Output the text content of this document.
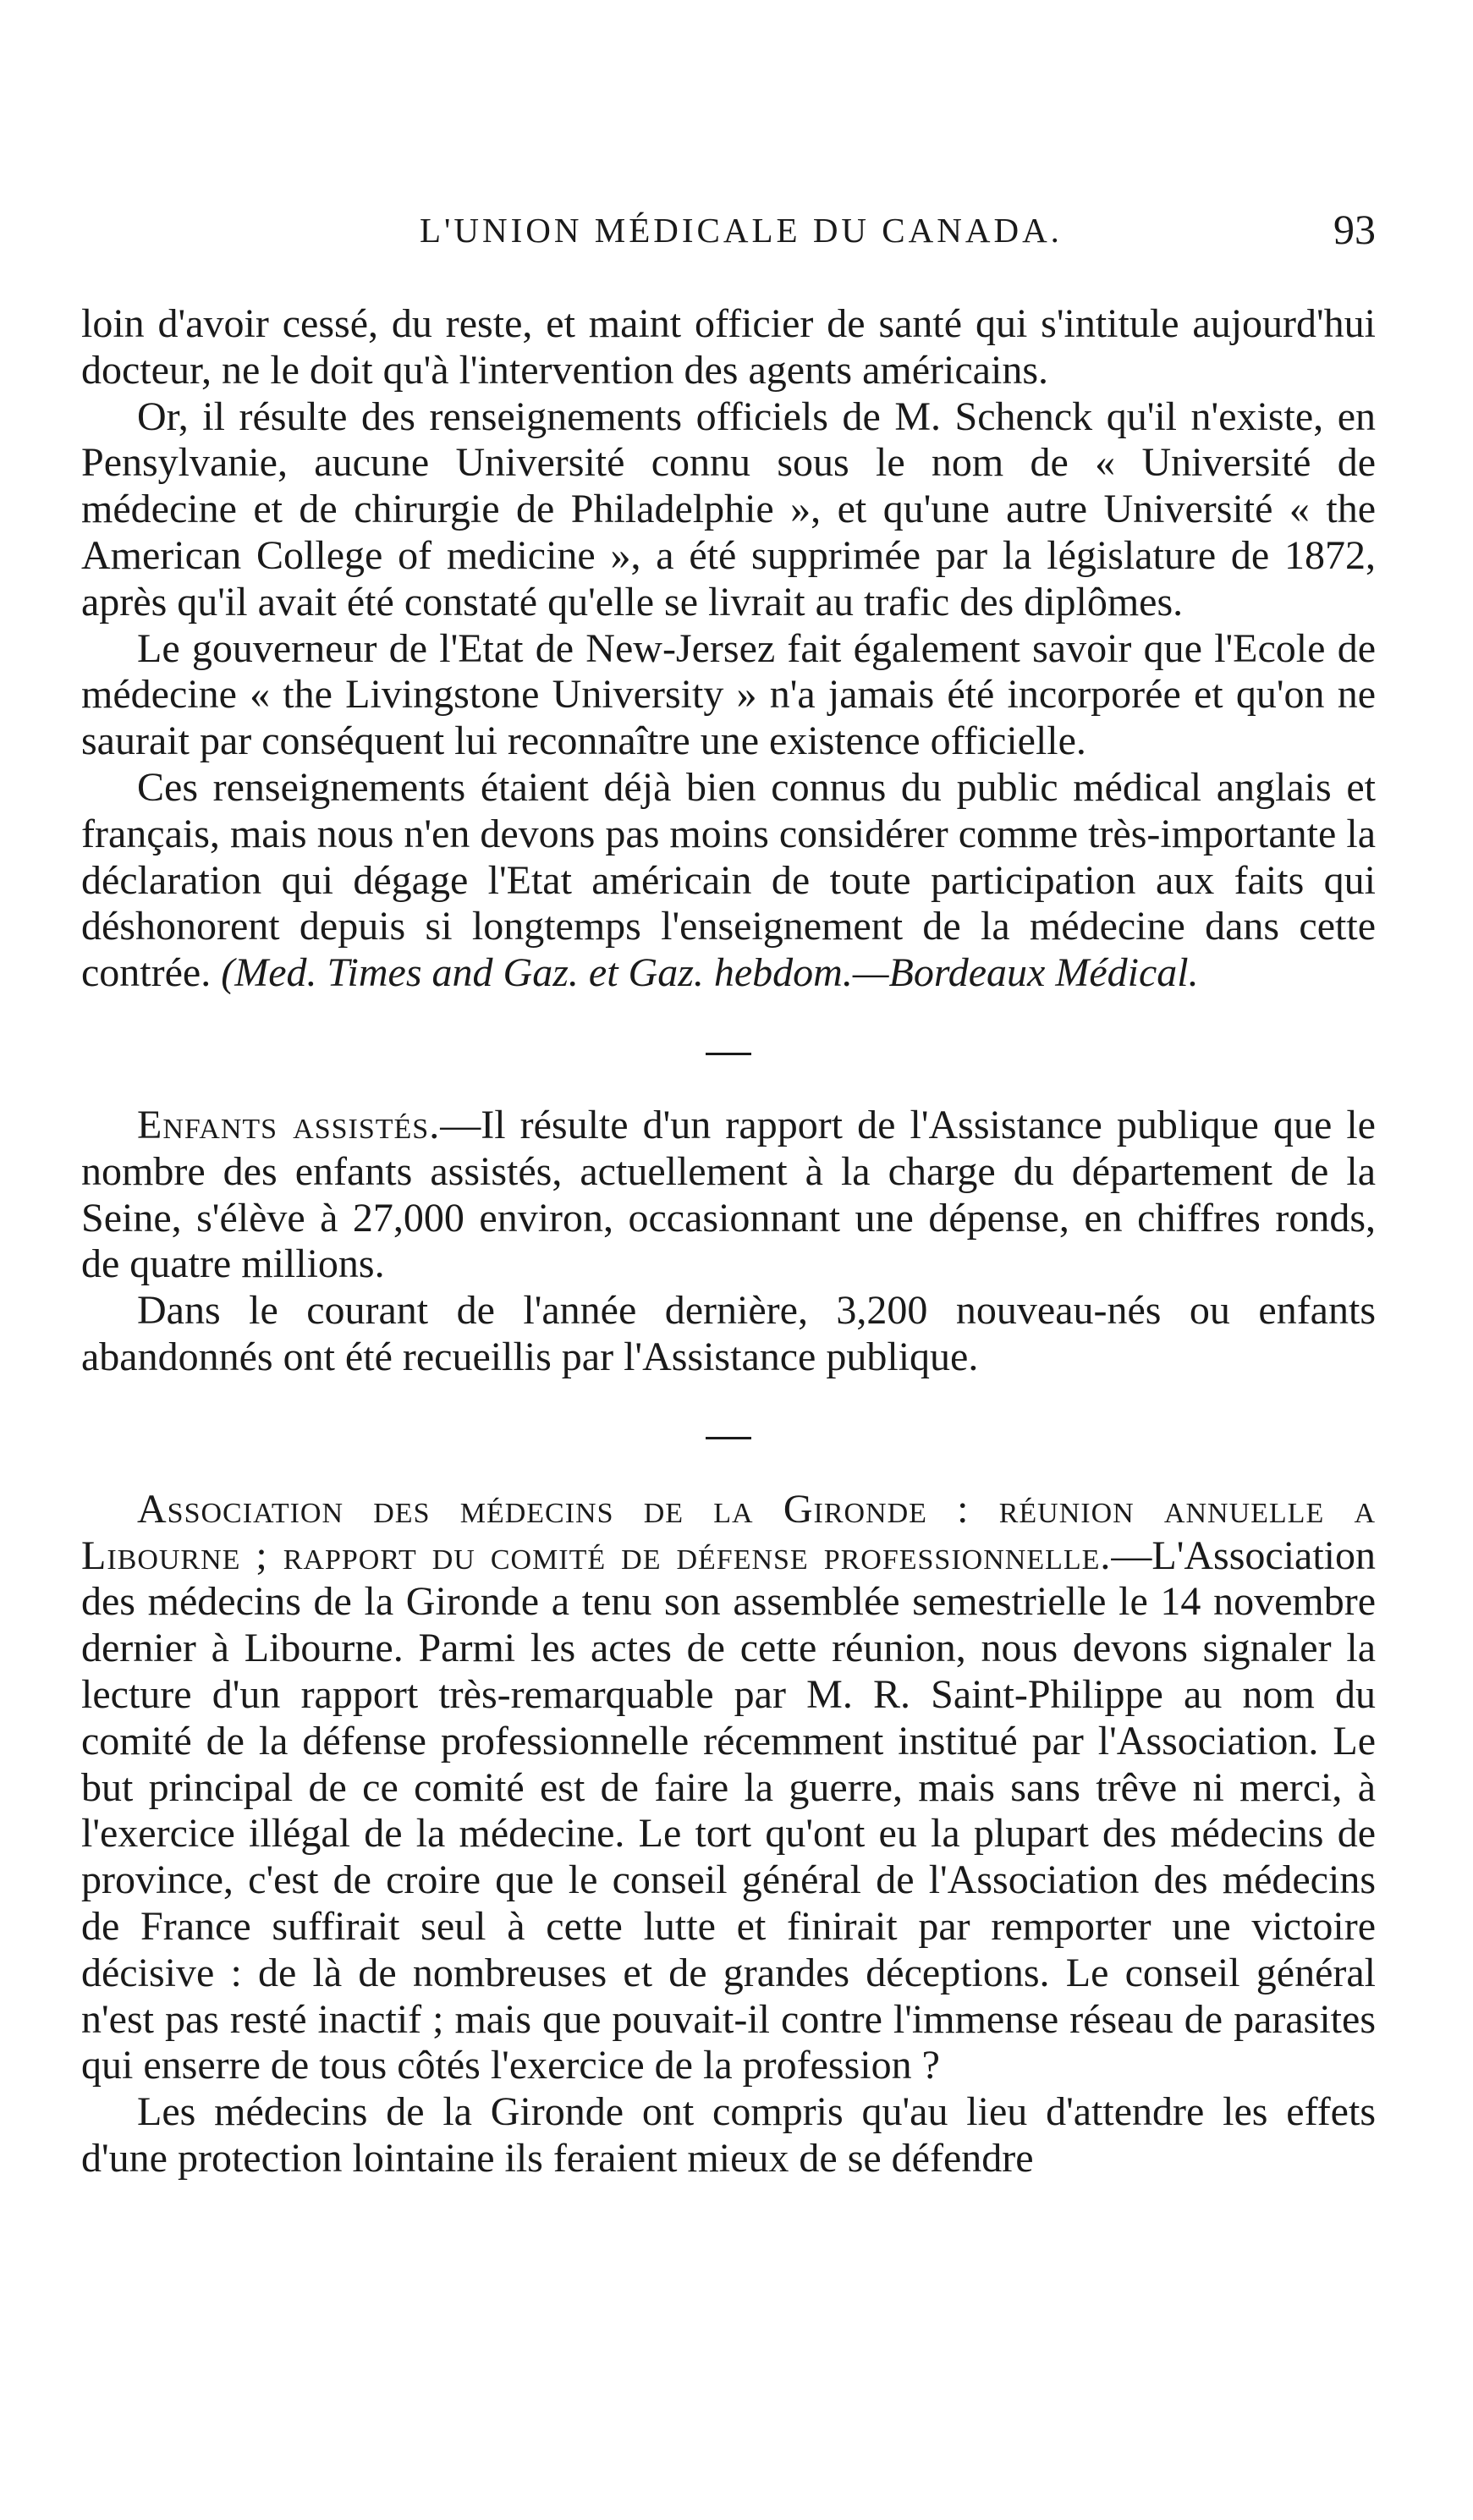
L'UNION MÉDICALE DU CANADA.	93

loin d'avoir cessé, du reste, et maint officier de santé qui s'intitule aujourd'hui docteur, ne le doit qu'à l'intervention des agents américains.

Or, il résulte des renseignements officiels de M. Schenck qu'il n'existe, en Pensylvanie, aucune Université connu sous le nom de « Université de médecine et de chirurgie de Philadelphie », et qu'une autre Université « the American College of medicine », a été supprimée par la législature de 1872, après qu'il avait été constaté qu'elle se livrait au trafic des diplômes.

Le gouverneur de l'Etat de New-Jersez fait également savoir que l'Ecole de médecine « the Livingstone University » n'a jamais été incorporée et qu'on ne saurait par conséquent lui reconnaître une existence officielle.

Ces renseignements étaient déjà bien connus du public médical anglais et français, mais nous n'en devons pas moins considérer comme très-importante la déclaration qui dégage l'Etat américain de toute participation aux faits qui déshonorent depuis si longtemps l'enseignement de la médecine dans cette contrée. (Med. Times and Gaz. et Gaz. hebdom.—Bordeaux Médical.

Enfants assistés.—Il résulte d'un rapport de l'Assistance publique que le nombre des enfants assistés, actuellement à la charge du département de la Seine, s'élève à 27,000 environ, occasionnant une dépense, en chiffres ronds, de quatre millions.

Dans le courant de l'année dernière, 3,200 nouveau-nés ou enfants abandonnés ont été recueillis par l'Assistance publique.

Association des médecins de la Gironde : réunion annuelle a Libourne ; rapport du comité de défense professionnelle.—L'Association des médecins de la Gironde a tenu son assemblée semestrielle le 14 novembre dernier à Libourne. Parmi les actes de cette réunion, nous devons signaler la lecture d'un rapport très-remarquable par M. R. Saint-Philippe au nom du comité de la défense professionnelle récemment institué par l'Association. Le but principal de ce comité est de faire la guerre, mais sans trêve ni merci, à l'exercice illégal de la médecine. Le tort qu'ont eu la plupart des médecins de province, c'est de croire que le conseil général de l'Association des médecins de France suffirait seul à cette lutte et finirait par remporter une victoire décisive : de là de nombreuses et de grandes déceptions. Le conseil général n'est pas resté inactif ; mais que pouvait-il contre l'immense réseau de parasites qui enserre de tous côtés l'exercice de la profession ?

Les médecins de la Gironde ont compris qu'au lieu d'attendre les effets d'une protection lointaine ils feraient mieux de se défendre
